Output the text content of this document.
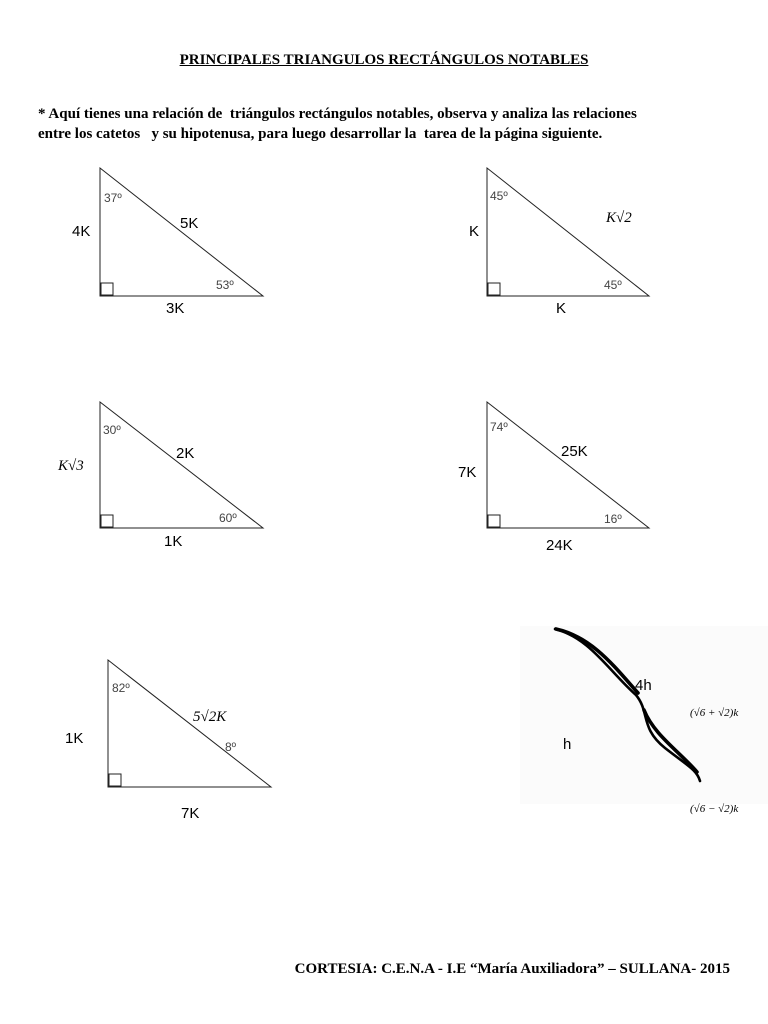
PRINCIPALES TRIANGULOS RECTÁNGULOS NOTABLES
* Aquí tienes una relación de  triángulos rectángulos notables, observa y analiza las relaciones
entre los catetos   y su hipotenusa, para luego desarrollar la  tarea de la página siguiente.
37º
53º
4K	5K
3K
45º
45º
K
K√2
K
30º
60º
K√3
2K
1K
74º
16º
7K
25K
24K
82º
8º
1K
5√2K
7K
4h
h
(√6 + √2)k
(√6 − √2)k
CORTESIA: C.E.N.A - I.E “María Auxiliadora” – SULLANA- 2015
